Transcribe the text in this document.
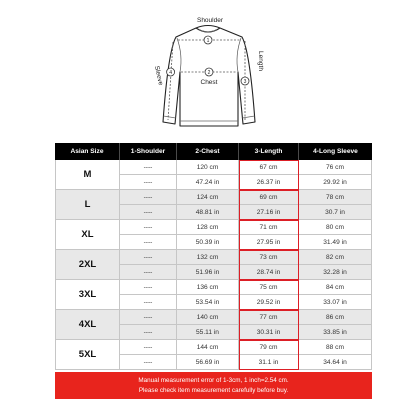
1
2
3
4
Shoulder
Chest
Length
Sleeve
Asian Size	1-Shoulder	2-Chest	3-Length	4-Long Sleeve
M
----	120 cm	67 cm	76 cm
----	47.24 in	26.37 in	29.92 in
L
----	124 cm	69 cm	78 cm
----	48.81 in	27.16 in	30.7 in
XL
----	128 cm	71 cm	80 cm
----	50.39 in	27.95 in	31.49 in
2XL
----	132 cm	73 cm	82 cm
----	51.96 in	28.74 in	32.28 in
3XL
----	136 cm	75 cm	84 cm
----	53.54 in	29.52 in	33.07 in
4XL
----	140 cm	77 cm	86 cm
----	55.11 in	30.31 in	33.85 in
5XL
----	144 cm	79 cm	88 cm
----	56.69 in	31.1 in	34.64 in
Manual measurement error of 1-3cm, 1 inch=2.54 cm.
Please check item measurement carefully before buy.
